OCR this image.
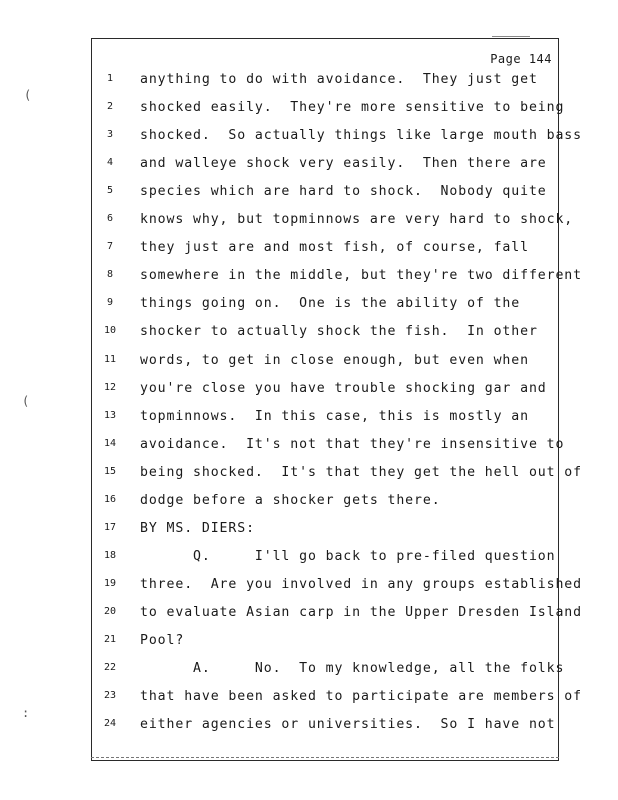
Page 144
(
(
:
1	anything to do with avoidance.  They just get
2	shocked easily.  They're more sensitive to being
3	shocked.  So actually things like large mouth bass
4	and walleye shock very easily.  Then there are
5	species which are hard to shock.  Nobody quite
6	knows why, but topminnows are very hard to shock,
7	they just are and most fish, of course, fall
8	somewhere in the middle, but they're two different
9	things going on.  One is the ability of the
10	shocker to actually shock the fish.  In other
11	words, to get in close enough, but even when
12	you're close you have trouble shocking gar and
13	topminnows.  In this case, this is mostly an
14	avoidance.  It's not that they're insensitive to
15	being shocked.  It's that they get the hell out of
16	dodge before a shocker gets there.
17	BY MS. DIERS:
18	Q.     I'll go back to pre-filed question
19	three.  Are you involved in any groups established
20	to evaluate Asian carp in the Upper Dresden Island
21	Pool?
22	A.     No.  To my knowledge, all the folks
23	that have been asked to participate are members of
24	either agencies or universities.  So I have not
